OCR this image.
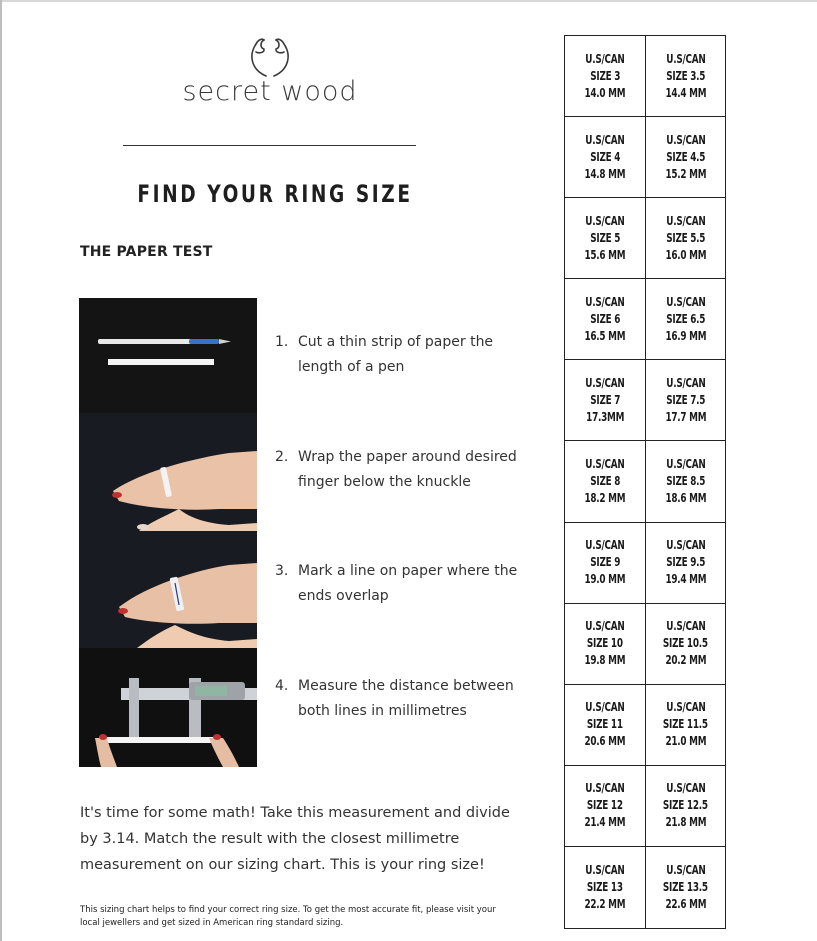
secret wood
FIND YOUR RING SIZE
THE PAPER TEST
1. Cut a thin strip of paper the length of a pen
2. Wrap the paper around desired finger below the knuckle
3. Mark a line on paper where the ends overlap
4. Measure the distance between both lines in millimetres
It's time for some math! Take this measurement and divide by 3.14. Match the result with the closest millimetre measurement on our sizing chart. This is your ring size!
This sizing chart helps to find your correct ring size. To get the most accurate fit, please visit your local jewellers and get sized in American ring standard sizing.
U.S/CAN
SIZE 3
14.0 MM
U.S/CAN
SIZE 3.5
14.4 MM
U.S/CAN
SIZE 4
14.8 MM
U.S/CAN
SIZE 4.5
15.2 MM
U.S/CAN
SIZE 5
15.6 MM
U.S/CAN
SIZE 5.5
16.0 MM
U.S/CAN
SIZE 6
16.5 MM
U.S/CAN
SIZE 6.5
16.9 MM
U.S/CAN
SIZE 7
17.3MM
U.S/CAN
SIZE 7.5
17.7 MM
U.S/CAN
SIZE 8
18.2 MM
U.S/CAN
SIZE 8.5
18.6 MM
U.S/CAN
SIZE 9
19.0 MM
U.S/CAN
SIZE 9.5
19.4 MM
U.S/CAN
SIZE 10
19.8 MM
U.S/CAN
SIZE 10.5
20.2 MM
U.S/CAN
SIZE 11
20.6 MM
U.S/CAN
SIZE 11.5
21.0 MM
U.S/CAN
SIZE 12
21.4 MM
U.S/CAN
SIZE 12.5
21.8 MM
U.S/CAN
SIZE 13
22.2 MM
U.S/CAN
SIZE 13.5
22.6 MM
